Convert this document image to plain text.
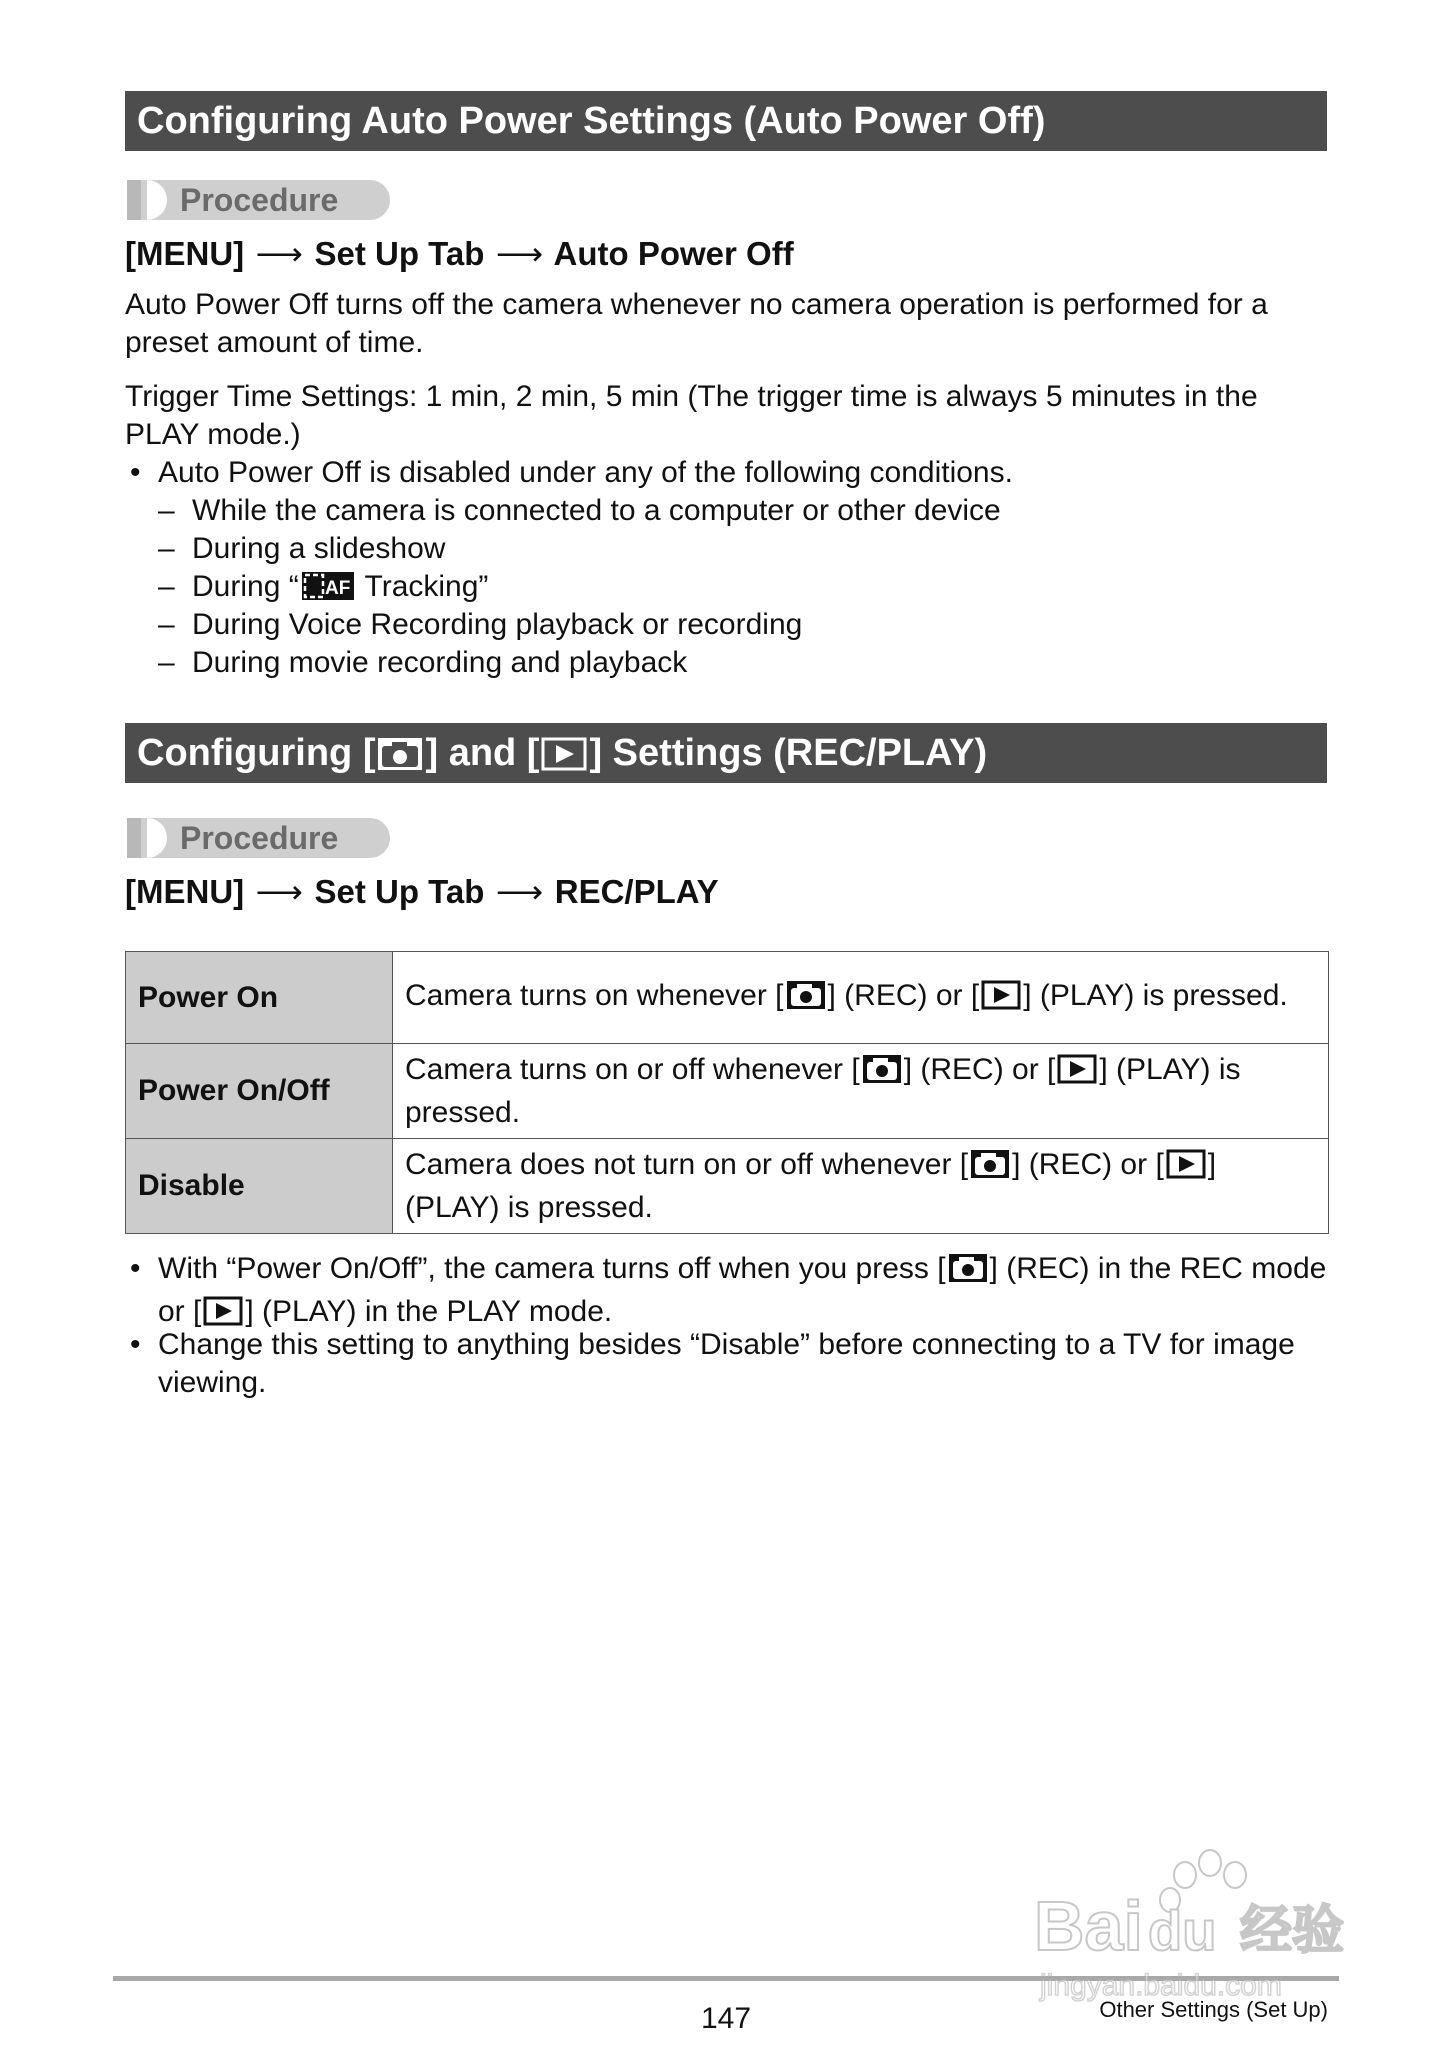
Configuring Auto Power Settings (Auto Power Off)
Procedure
[MENU] ⟶ Set Up Tab ⟶ Auto Power Off
Auto Power Off turns off the camera whenever no camera operation is performed for a preset amount of time.
Trigger Time Settings: 1 min, 2 min, 5 min (The trigger time is always 5 minutes in the PLAY mode.)
• Auto Power Off is disabled under any of the following conditions.
– While the camera is connected to a computer or other device
– During a slideshow
– During “ AF Tracking”
– During Voice Recording playback or recording
– During movie recording and playback
Configuring [ ] and [ ] Settings (REC/PLAY)
Procedure
[MENU] ⟶ Set Up Tab ⟶ REC/PLAY
Power On	Camera turns on whenever [ ] (REC) or [ ] (PLAY) is pressed.
Power On/Off	Camera turns on or off whenever [ ] (REC) or [ ] (PLAY) is pressed.
Disable	Camera does not turn on or off whenever [ ] (REC) or [ ] (PLAY) is pressed.
• With “Power On/Off”, the camera turns off when you press [ ] (REC) in the REC mode or [ ] (PLAY) in the PLAY mode.
• Change this setting to anything besides “Disable” before connecting to a TV for image viewing.
147	Other Settings (Set Up)
Bai du 经验
jingyan.baidu.com
